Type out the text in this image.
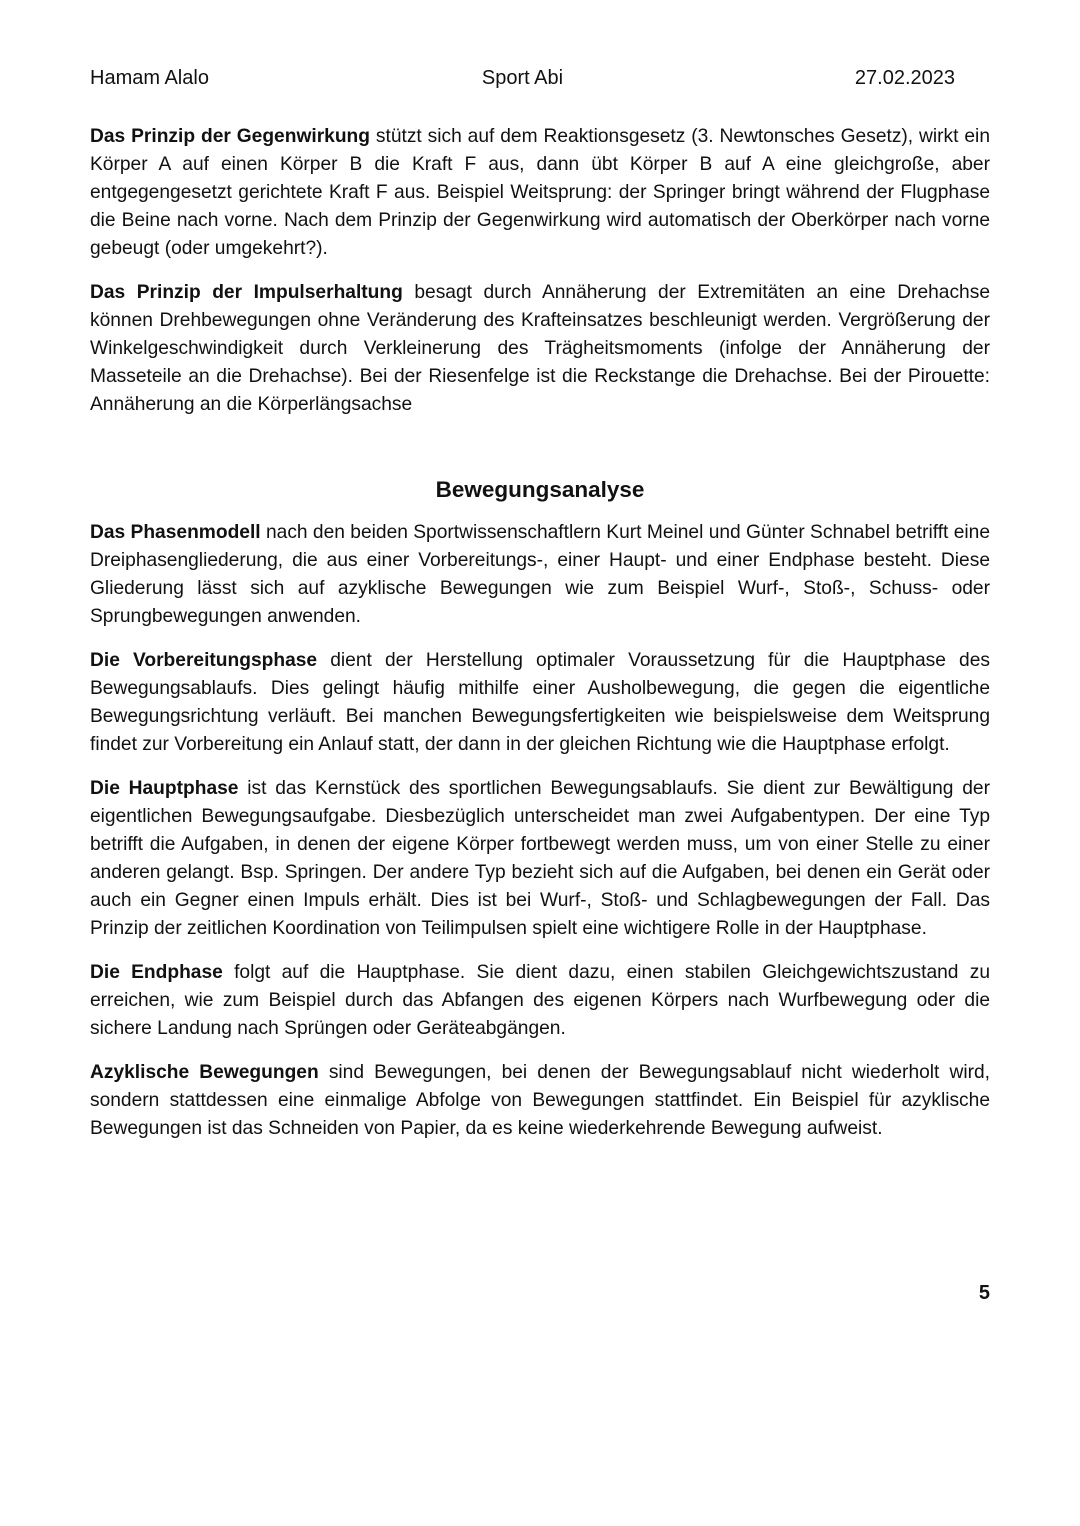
Hamam Alalo	Sport Abi	27.02.2023

Das Prinzip der Gegenwirkung stützt sich auf dem Reaktionsgesetz (3. Newtonsches Gesetz), wirkt ein Körper A auf einen Körper B die Kraft F aus, dann übt Körper B auf A eine gleichgroße, aber entgegengesetzt gerichtete Kraft F aus. Beispiel Weitsprung: der Springer bringt während der Flugphase die Beine nach vorne. Nach dem Prinzip der Gegenwirkung wird automatisch der Oberkörper nach vorne gebeugt (oder umgekehrt?).

Das Prinzip der Impulserhaltung besagt durch Annäherung der Extremitäten an eine Drehachse können Drehbewegungen ohne Veränderung des Krafteinsatzes beschleunigt werden. Vergrößerung der Winkelgeschwindigkeit durch Verkleinerung des Trägheitsmoments (infolge der Annäherung der Masseteile an die Drehachse). Bei der Riesenfelge ist die Reckstange die Drehachse. Bei der Pirouette: Annäherung an die Körperlängsachse

Bewegungsanalyse

Das Phasenmodell nach den beiden Sportwissenschaftlern Kurt Meinel und Günter Schnabel betrifft eine Dreiphasengliederung, die aus einer Vorbereitungs-, einer Haupt- und einer Endphase besteht. Diese Gliederung lässt sich auf azyklische Bewegungen wie zum Beispiel Wurf-, Stoß-, Schuss- oder Sprungbewegungen anwenden.

Die Vorbereitungsphase dient der Herstellung optimaler Voraussetzung für die Hauptphase des Bewegungsablaufs. Dies gelingt häufig mithilfe einer Ausholbewegung, die gegen die eigentliche Bewegungsrichtung verläuft. Bei manchen Bewegungsfertigkeiten wie beispielsweise dem Weitsprung findet zur Vorbereitung ein Anlauf statt, der dann in der gleichen Richtung wie die Hauptphase erfolgt.

Die Hauptphase ist das Kernstück des sportlichen Bewegungsablaufs. Sie dient zur Bewältigung der eigentlichen Bewegungsaufgabe. Diesbezüglich unterscheidet man zwei Aufgabentypen. Der eine Typ betrifft die Aufgaben, in denen der eigene Körper fortbewegt werden muss, um von einer Stelle zu einer anderen gelangt. Bsp. Springen. Der andere Typ bezieht sich auf die Aufgaben, bei denen ein Gerät oder auch ein Gegner einen Impuls erhält. Dies ist bei Wurf-, Stoß- und Schlagbewegungen der Fall. Das Prinzip der zeitlichen Koordination von Teilimpulsen spielt eine wichtigere Rolle in der Hauptphase.

Die Endphase folgt auf die Hauptphase. Sie dient dazu, einen stabilen Gleichgewichtszustand zu erreichen, wie zum Beispiel durch das Abfangen des eigenen Körpers nach Wurfbewegung oder die sichere Landung nach Sprüngen oder Geräteabgängen.

Azyklische Bewegungen sind Bewegungen, bei denen der Bewegungsablauf nicht wiederholt wird, sondern stattdessen eine einmalige Abfolge von Bewegungen stattfindet. Ein Beispiel für azyklische Bewegungen ist das Schneiden von Papier, da es keine wiederkehrende Bewegung aufweist.

5
